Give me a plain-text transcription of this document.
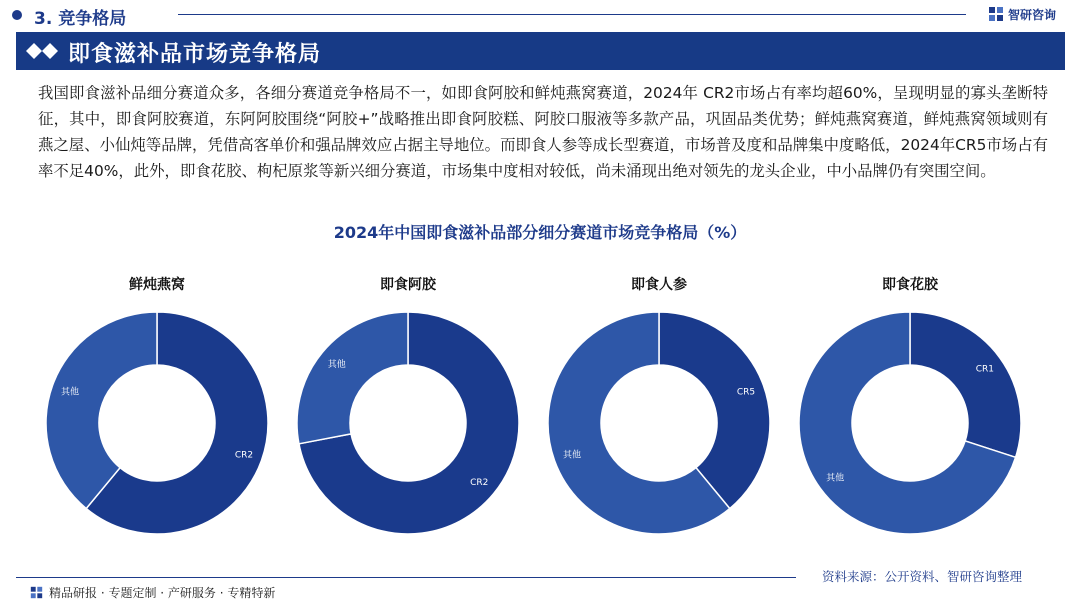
3. 竞争格局	智研咨询
即食滋补品市场竞争格局
我国即食滋补品细分赛道众多，各细分赛道竞争格局不一，如即食阿胶和鲜炖燕窝赛道，2024年 CR2市场占有率均超60%，呈现明显的寡头垄断特征，其中，即食阿胶赛道，东阿阿胶围绕“阿胶+”战略推出即食阿胶糕、阿胶口服液等多款产品，巩固品类优势；鲜炖燕窝赛道，鲜炖燕窝领域则有燕之屋、小仙炖等品牌，凭借高客单价和强品牌效应占据主导地位。而即食人参等成长型赛道，市场普及度和品牌集中度略低，2024年CR5市场占有率不足40%，此外，即食花胶、枸杞原浆等新兴细分赛道，市场集中度相对较低，尚未涌现出绝对领先的龙头企业，中小品牌仍有突围空间。
2024年中国即食滋补品部分细分赛道市场竞争格局（%）
鲜炖燕窝
CR2
其他
即食阿胶
CR2
其他
即食人参
CR5
其他
即食花胶
CR1
其他
精品研报 · 专题定制 · 产研服务 · 专精特新
资料来源：公开资料、智研咨询整理
